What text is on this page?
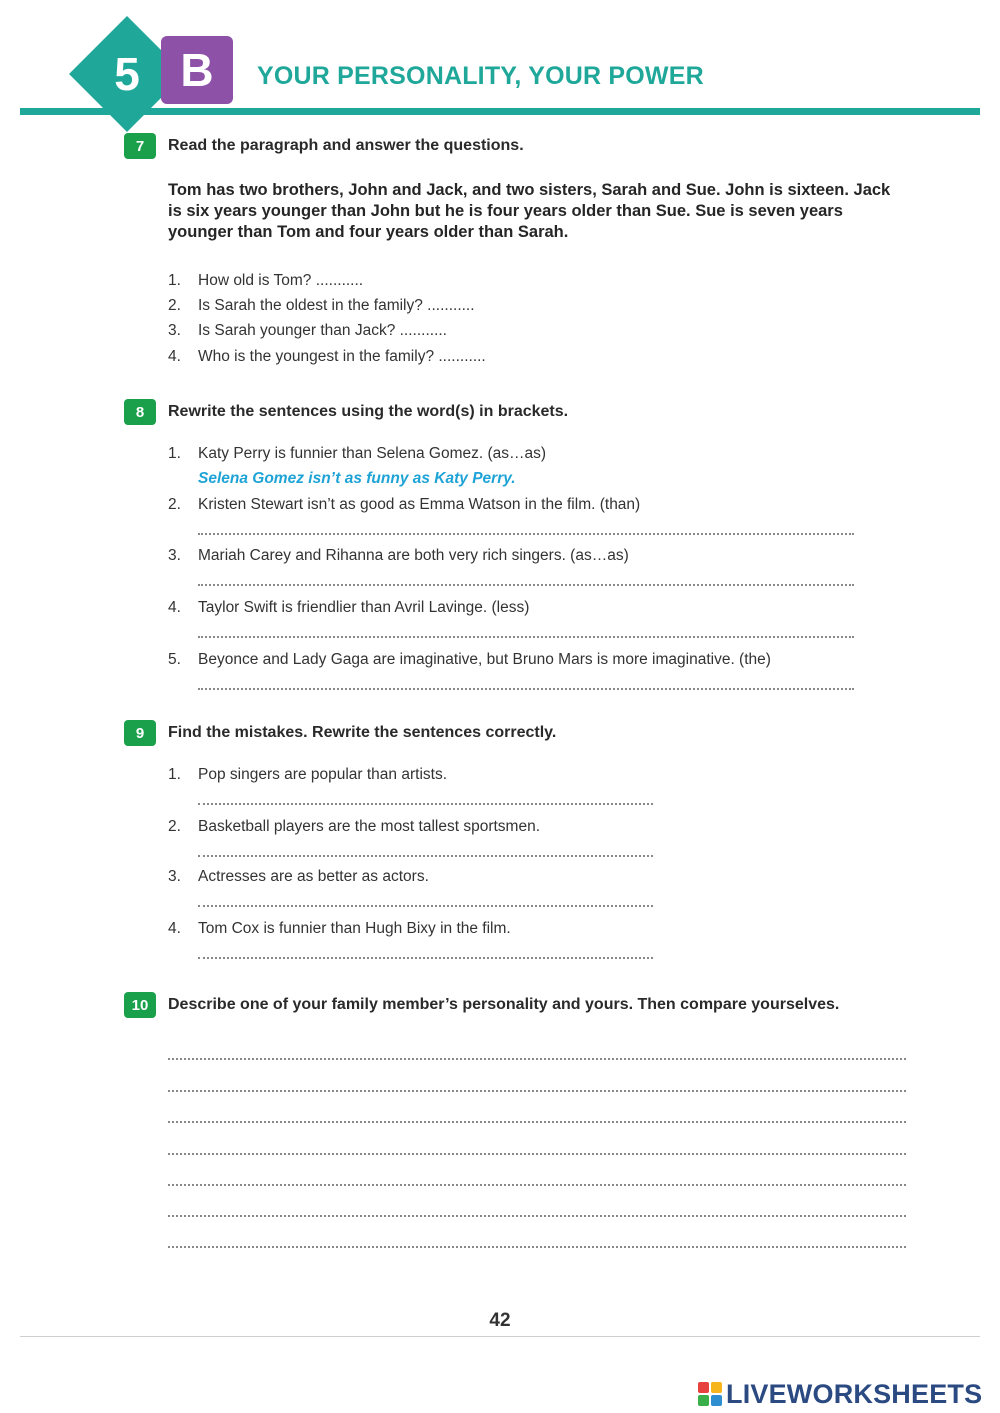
5 B	YOUR PERSONALITY, YOUR POWER
7	Read the paragraph and answer the questions.
Tom has two brothers, John and Jack, and two sisters, Sarah and Sue. John is sixteen. Jack is six years younger than John but he is four years older than Sue. Sue is seven years younger than Tom and four years older than Sarah.
1. How old is Tom? ...........
2. Is Sarah the oldest in the family? ...........
3. Is Sarah younger than Jack? ...........
4. Who is the youngest in the family? ...........
8	Rewrite the sentences using the word(s) in brackets.
1. Katy Perry is funnier than Selena Gomez. (as…as)
Selena Gomez isn’t as funny as Katy Perry.
2. Kristen Stewart isn’t as good as Emma Watson in the film. (than)
3. Mariah Carey and Rihanna are both very rich singers. (as…as)
4. Taylor Swift is friendlier than Avril Lavinge. (less)
5. Beyonce and Lady Gaga are imaginative, but Bruno Mars is more imaginative. (the)
9	Find the mistakes. Rewrite the sentences correctly.
1. Pop singers are popular than artists.
2. Basketball players are the most tallest sportsmen.
3. Actresses are as better as actors.
4. Tom Cox is funnier than Hugh Bixy in the film.
10	Describe one of your family member’s personality and yours. Then compare yourselves.
42
LIVEWORKSHEETS
